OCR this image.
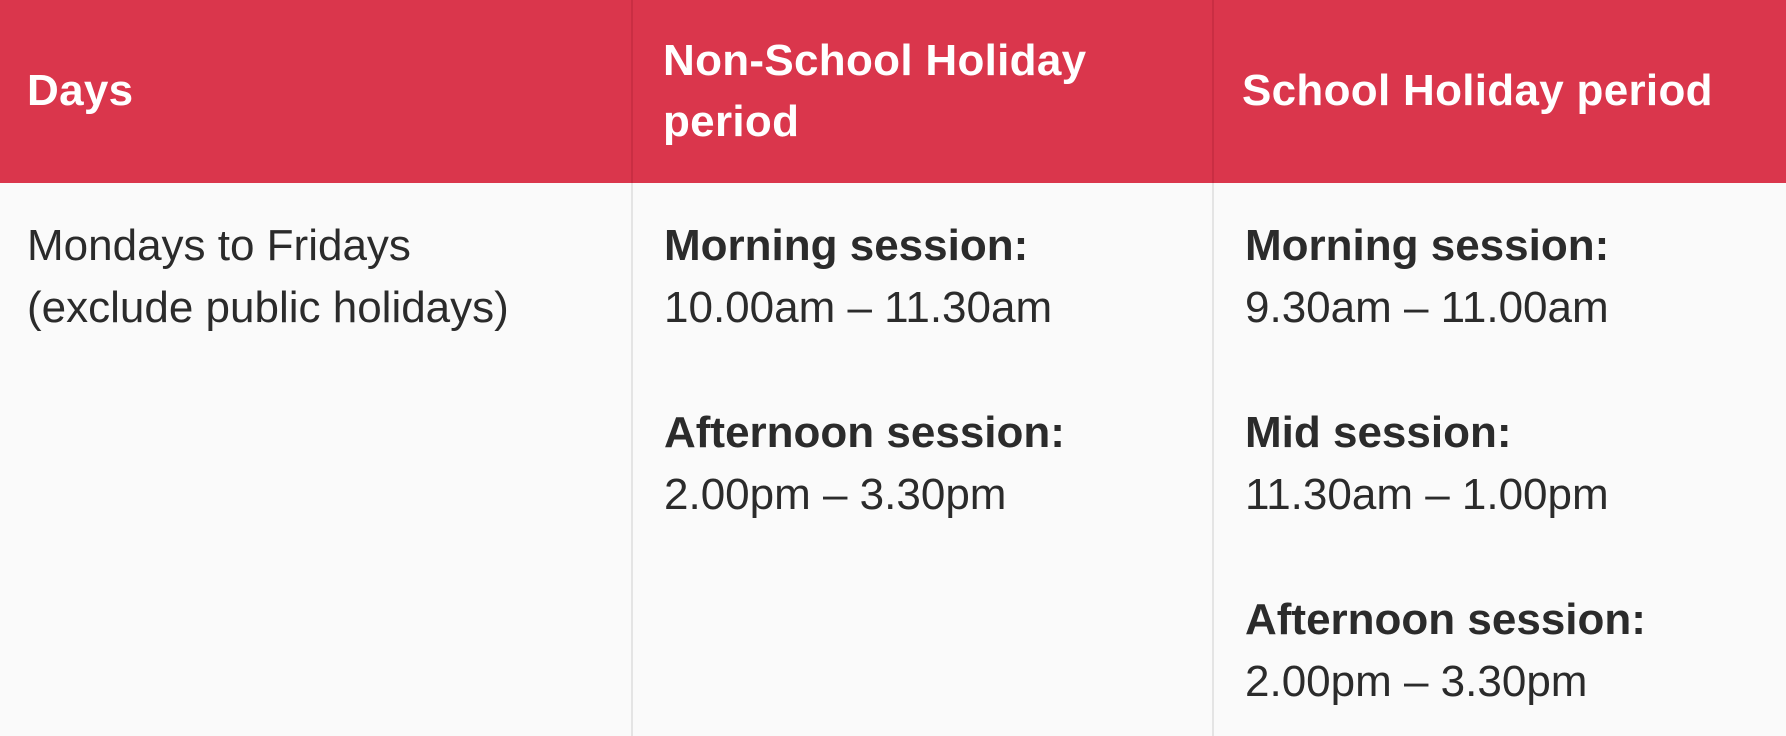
Days
Non-School Holiday
period
School Holiday period
Mondays to Fridays
(exclude public holidays)
Morning session:
10.00am – 11.30am
Afternoon session:
2.00pm – 3.30pm
Morning session:
9.30am – 11.00am
Mid session:
11.30am – 1.00pm
Afternoon session:
2.00pm – 3.30pm
